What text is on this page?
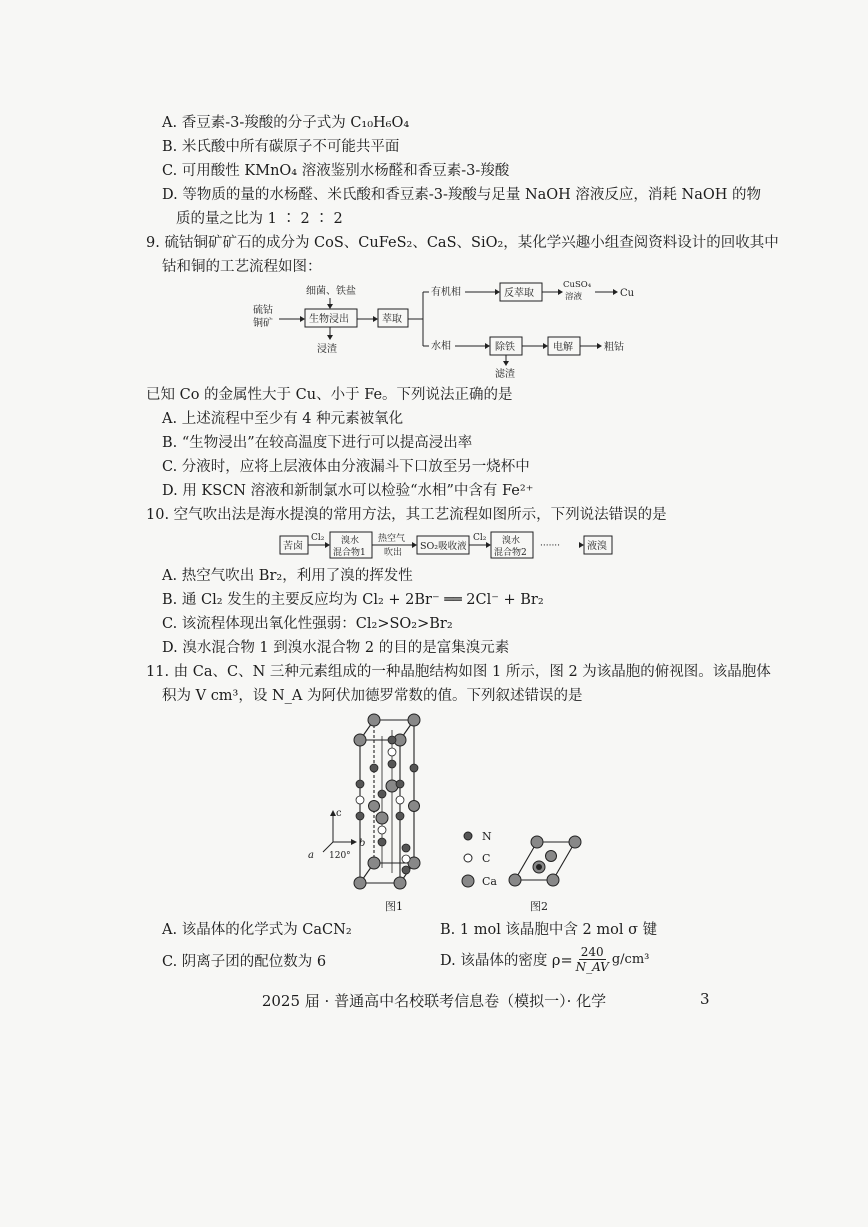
A. 香豆素-3-羧酸的分子式为 C₁₀H₆O₄
B. 米氏酸中所有碳原子不可能共平面
C. 可用酸性 KMnO₄ 溶液鉴别水杨醛和香豆素-3-羧酸
D. 等物质的量的水杨醛、米氏酸和香豆素-3-羧酸与足量 NaOH 溶液反应，消耗 NaOH 的物
质的量之比为 1 ∶ 2 ∶ 2
9. 硫钴铜矿矿石的成分为 CoS、CuFeS₂、CaS、SiO₂，某化学兴趣小组查阅资料设计的回收其中
钴和铜的工艺流程如图：
硫钴
铜矿
细菌、铁盐
生物浸出
浸渣
萃取
有机相	反萃取
CuSO₄
溶液	Cu
水相	除铁
滤渣
电解	粗钴
已知 Co 的金属性大于 Cu、小于 Fe。下列说法正确的是
A. 上述流程中至少有 4 种元素被氧化
B. “生物浸出”在较高温度下进行可以提高浸出率
C. 分液时，应将上层液体由分液漏斗下口放至另一烧杯中
D. 用 KSCN 溶液和新制氯水可以检验“水相”中含有 Fe²⁺
10. 空气吹出法是海水提溴的常用方法，其工艺流程如图所示，下列说法错误的是
苦卤
Cl₂ 溴水
混合物1
热空气
吹出
SO₂吸收液
Cl₂ 溴水
混合物2
·······	液溴
A. 热空气吹出 Br₂，利用了溴的挥发性
B. 通 Cl₂ 发生的主要反应均为 Cl₂ + 2Br⁻ ══ 2Cl⁻ + Br₂
C. 该流程体现出氧化性强弱：Cl₂>SO₂>Br₂
D. 溴水混合物 1 到溴水混合物 2 的目的是富集溴元素
11. 由 Ca、C、N 三种元素组成的一种晶胞结构如图 1 所示，图 2 为该晶胞的俯视图。该晶胞体
积为 V cm³，设 N_A 为阿伏加德罗常数的值。下列叙述错误的是
c
b
a 120°
N
C
Ca
图1	图2
A. 该晶体的化学式为 CaCN₂	B. 1 mol 该晶胞中含 2 mol σ 键
C. 阴离子团的配位数为 6	D. 该晶体的密度 $\rho= \frac{240}{N\_AV} g/cm^3$
2025 届 · 普通高中名校联考信息卷（模拟一）· 化学	3
